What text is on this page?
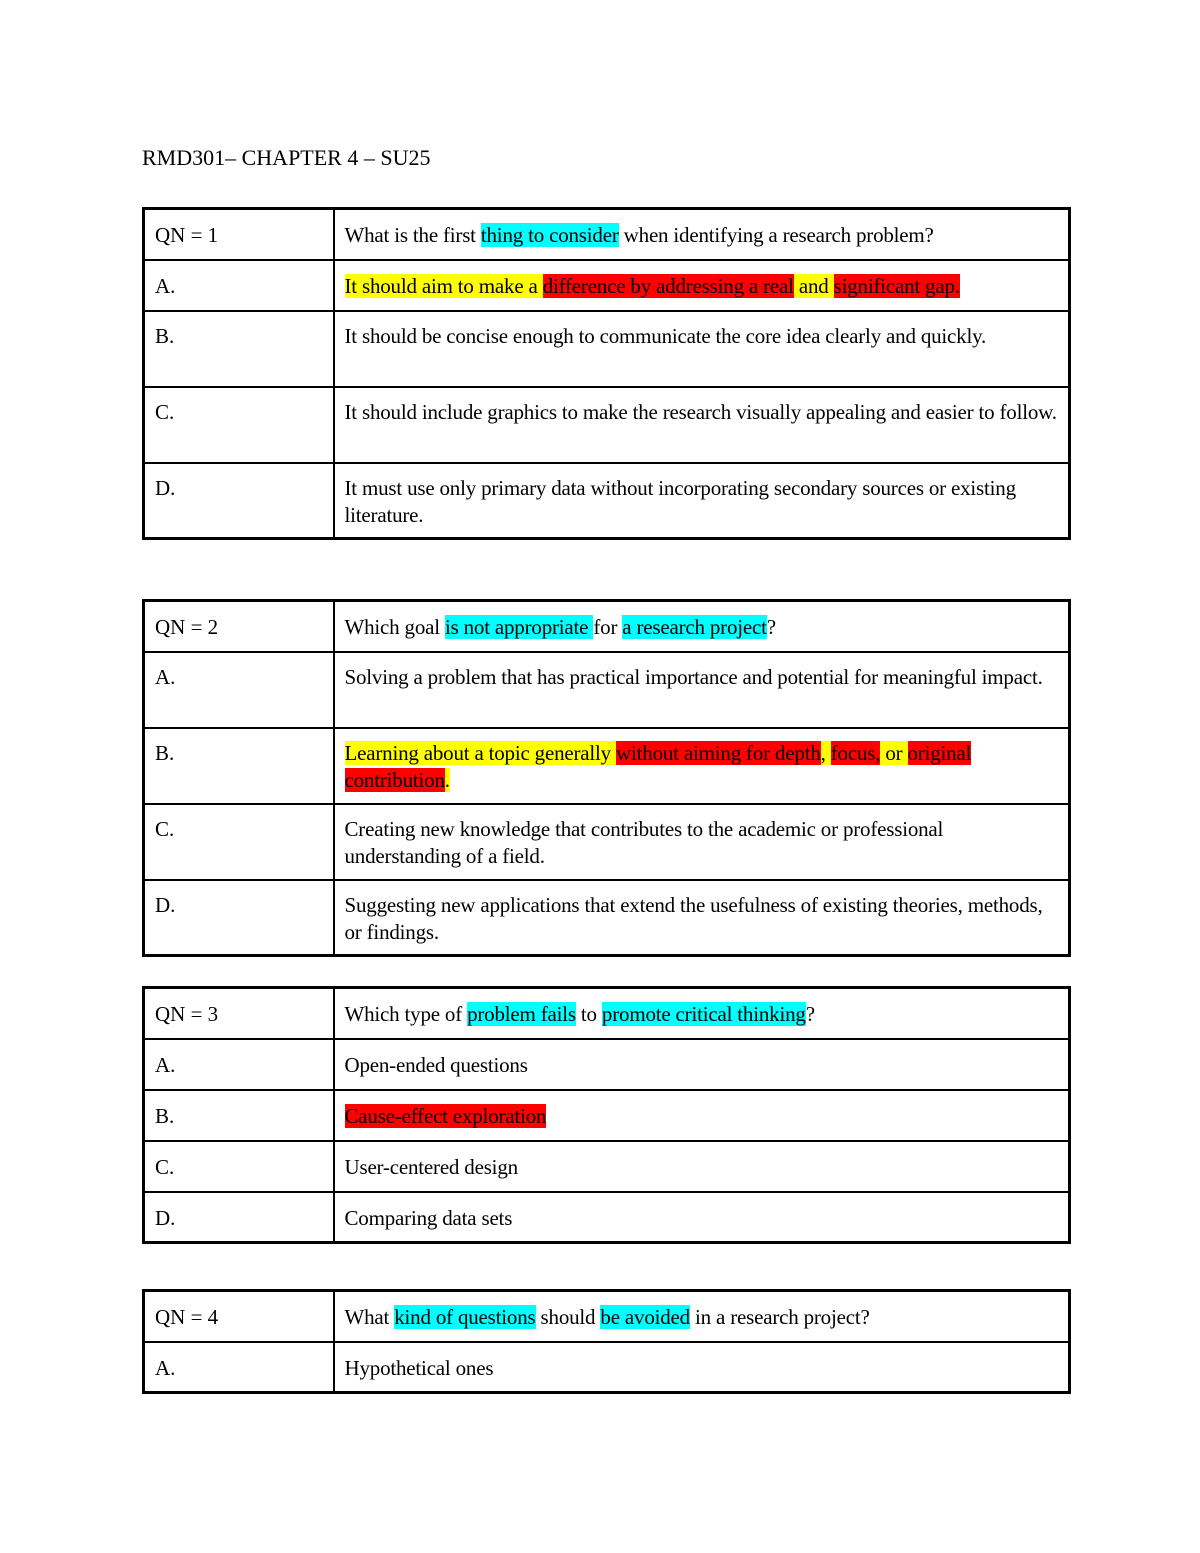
RMD301– CHAPTER 4 – SU25
QN = 1	What is the first thing to consider when identifying a research problem?
A.	It should aim to make a difference by addressing a real and significant gap.
B.	It should be concise enough to communicate the core idea clearly and quickly.
C.	It should include graphics to make the research visually appealing and easier to follow.
D.	It must use only primary data without incorporating secondary sources or existing literature.
QN = 2	Which goal is not appropriate for a research project?
A.	Solving a problem that has practical importance and potential for meaningful impact.
B.	Learning about a topic generally without aiming for depth, focus, or original contribution.
C.	Creating new knowledge that contributes to the academic or professional understanding of a field.
D.	Suggesting new applications that extend the usefulness of existing theories, methods, or findings.
QN = 3	Which type of problem fails to promote critical thinking?
A.	Open-ended questions
B.	Cause-effect exploration
C.	User-centered design
D.	Comparing data sets
QN = 4	What kind of questions should be avoided in a research project?
A.	Hypothetical ones
